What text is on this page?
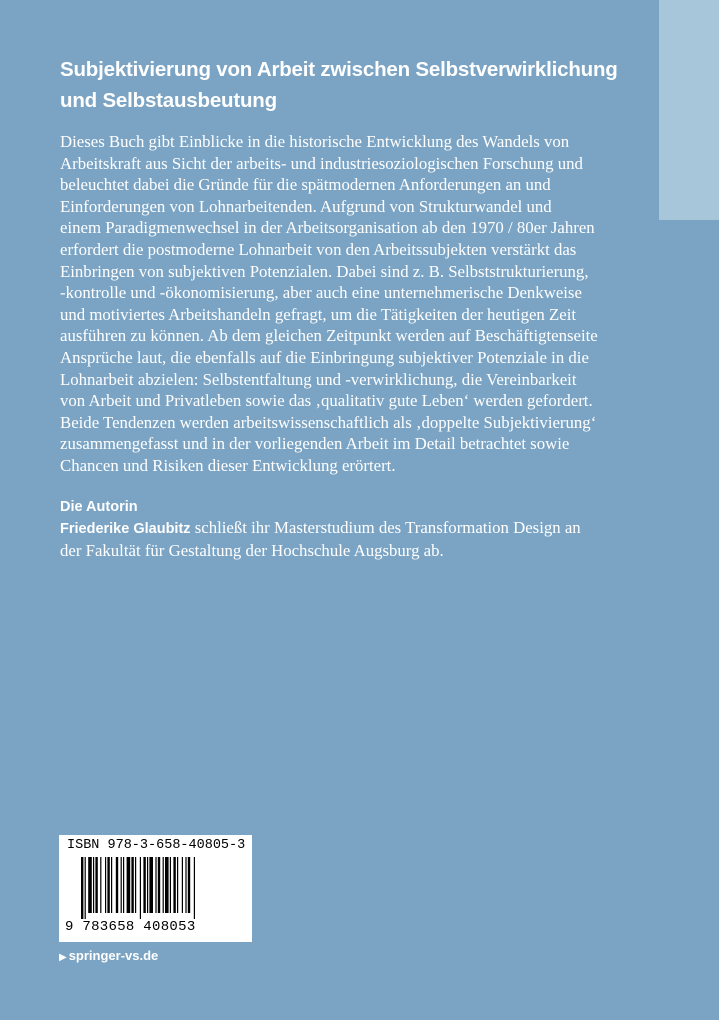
Subjektivierung von Arbeit zwischen Selbstverwirklichung
und Selbstausbeutung

Dieses Buch gibt Einblicke in die historische Entwicklung des Wandels von
Arbeitskraft aus Sicht der arbeits- und industriesoziologischen Forschung und
beleuchtet dabei die Gründe für die spätmodernen Anforderungen an und
Einforderungen von Lohnarbeitenden. Aufgrund von Strukturwandel und
einem Paradigmenwechsel in der Arbeitsorganisation ab den 1970 / 80er Jahren
erfordert die postmoderne Lohnarbeit von den Arbeitssubjekten verstärkt das
Einbringen von subjektiven Potenzialen. Dabei sind z. B. Selbststrukturierung,
-kontrolle und -ökonomisierung, aber auch eine unternehmerische Denkweise
und motiviertes Arbeitshandeln gefragt, um die Tätigkeiten der heutigen Zeit
ausführen zu können. Ab dem gleichen Zeitpunkt werden auf Beschäftigtenseite
Ansprüche laut, die ebenfalls auf die Einbringung subjektiver Potenziale in die
Lohnarbeit abzielen: Selbstentfaltung und -verwirklichung, die Vereinbarkeit
von Arbeit und Privatleben sowie das ‚qualitativ gute Leben‘ werden gefordert.
Beide Tendenzen werden arbeitswissenschaftlich als ‚doppelte Subjektivierung‘
zusammengefasst und in der vorliegenden Arbeit im Detail betrachtet sowie
Chancen und Risiken dieser Entwicklung erörtert.

Die Autorin

Friederike Glaubitz schließt ihr Masterstudium des Transformation Design an
der Fakultät für Gestaltung der Hochschule Augsburg ab.

ISBN 978-3-658-40805-3
9 783658 408053
▶ springer-vs.de
